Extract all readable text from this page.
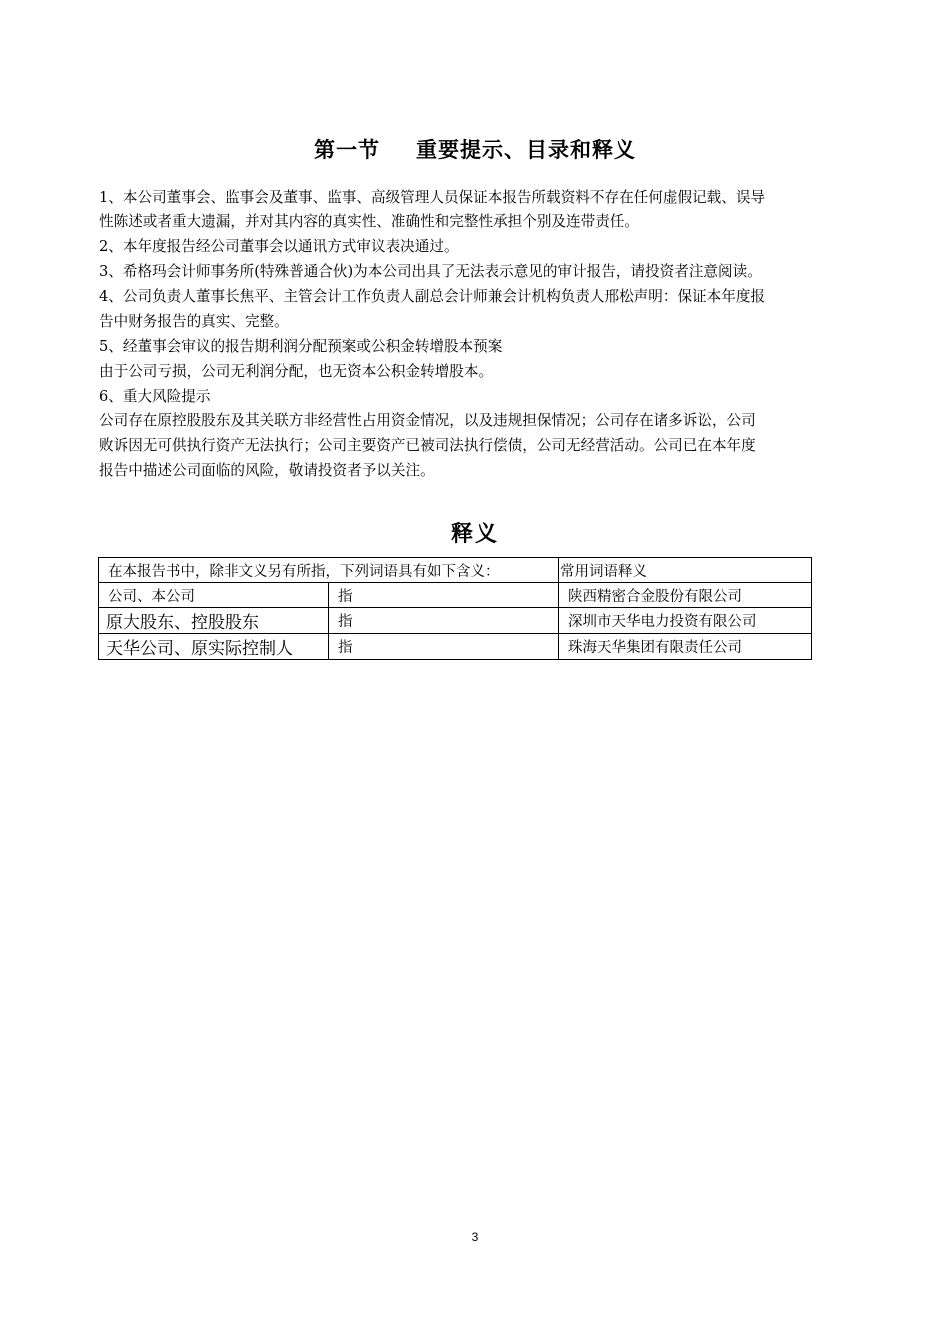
第一节 重要提示、目录和释义
1、本公司董事会、监事会及董事、监事、高级管理人员保证本报告所载资料不存在任何虚假记载、误导
性陈述或者重大遗漏，并对其内容的真实性、准确性和完整性承担个别及连带责任。
2、本年度报告经公司董事会以通讯方式审议表决通过。
3、希格玛会计师事务所(特殊普通合伙)为本公司出具了无法表示意见的审计报告，请投资者注意阅读。
4、公司负责人董事长焦平、主管会计工作负责人副总会计师兼会计机构负责人邢松声明：保证本年度报
告中财务报告的真实、完整。
5、经董事会审议的报告期利润分配预案或公积金转增股本预案
由于公司亏损，公司无利润分配，也无资本公积金转增股本。
6、重大风险提示
公司存在原控股股东及其关联方非经营性占用资金情况，以及违规担保情况；公司存在诸多诉讼，公司
败诉因无可供执行资产无法执行；公司主要资产已被司法执行偿债，公司无经营活动。公司已在本年度
报告中描述公司面临的风险，敬请投资者予以关注。
释义
在本报告书中，除非文义另有所指，下列词语具有如下含义：		常用词语释义
公司、本公司	指	陕西精密合金股份有限公司
原大股东、控股股东	指	深圳市天华电力投资有限公司
天华公司、原实际控制人	指	珠海天华集团有限责任公司
3
